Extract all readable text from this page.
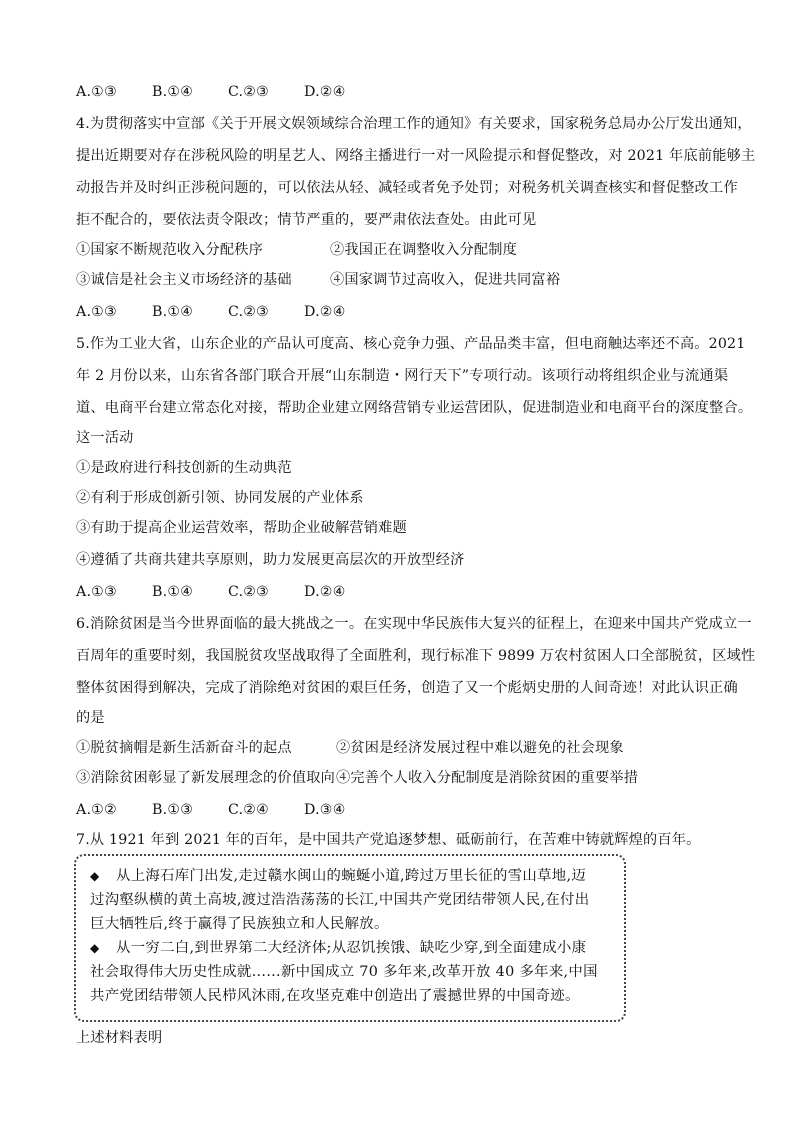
A.①③	B.①④	C.②③	D.②④
4.为贯彻落实中宣部《关于开展文娱领域综合治理工作的通知》有关要求，国家税务总局办公厅发出通知，
提出近期要对存在涉税风险的明星艺人、网络主播进行一对一风险提示和督促整改，对 2021 年底前能够主
动报告并及时纠正涉税问题的，可以依法从轻、减轻或者免予处罚；对税务机关调查核实和督促整改工作
拒不配合的，要依法责令限改；情节严重的，要严肃依法查处。由此可见
①国家不断规范收入分配秩序	②我国正在调整收入分配制度
③诚信是社会主义市场经济的基础	④国家调节过高收入，促进共同富裕
A.①③	B.①④	C.②③	D.②④
5.作为工业大省，山东企业的产品认可度高、核心竞争力强、产品品类丰富，但电商触达率还不高。2021
年 2 月份以来，山东省各部门联合开展“山东制造・网行天下”专项行动。该项行动将组织企业与流通渠
道、电商平台建立常态化对接，帮助企业建立网络营销专业运营团队，促进制造业和电商平台的深度整合。
这一活动
①是政府进行科技创新的生动典范
②有利于形成创新引领、协同发展的产业体系
③有助于提高企业运营效率，帮助企业破解营销难题
④遵循了共商共建共享原则，助力发展更高层次的开放型经济
A.①③	B.①④	C.②③	D.②④
6.消除贫困是当今世界面临的最大挑战之一。在实现中华民族伟大复兴的征程上，在迎来中国共产党成立一
百周年的重要时刻，我国脱贫攻坚战取得了全面胜利，现行标准下 9899 万农村贫困人口全部脱贫，区域性
整体贫困得到解决，完成了消除绝对贫困的艰巨任务，创造了又一个彪炳史册的人间奇迹！对此认识正确
的是
①脱贫摘帽是新生活新奋斗的起点	②贫困是经济发展过程中难以避免的社会现象
③消除贫困彰显了新发展理念的价值取向 ④完善个人收入分配制度是消除贫困的重要举措
A.①②	B.①③	C.②④	D.③④
7.从 1921 年到 2021 年的百年，是中国共产党追逐梦想、砥砺前行，在苦难中铸就辉煌的百年。
◆ 从上海石库门出发,走过赣水闽山的蜿蜒小道,跨过万里长征的雪山草地,迈
过沟壑纵横的黄土高坡,渡过浩浩荡荡的长江,中国共产党团结带领人民,在付出
巨大牺牲后,终于赢得了民族独立和人民解放。
◆ 从一穷二白,到世界第二大经济体;从忍饥挨饿、缺吃少穿,到全面建成小康
社会取得伟大历史性成就……新中国成立 70 多年来,改革开放 40 多年来,中国
共产党团结带领人民栉风沐雨,在攻坚克难中创造出了震撼世界的中国奇迹。
上述材料表明
